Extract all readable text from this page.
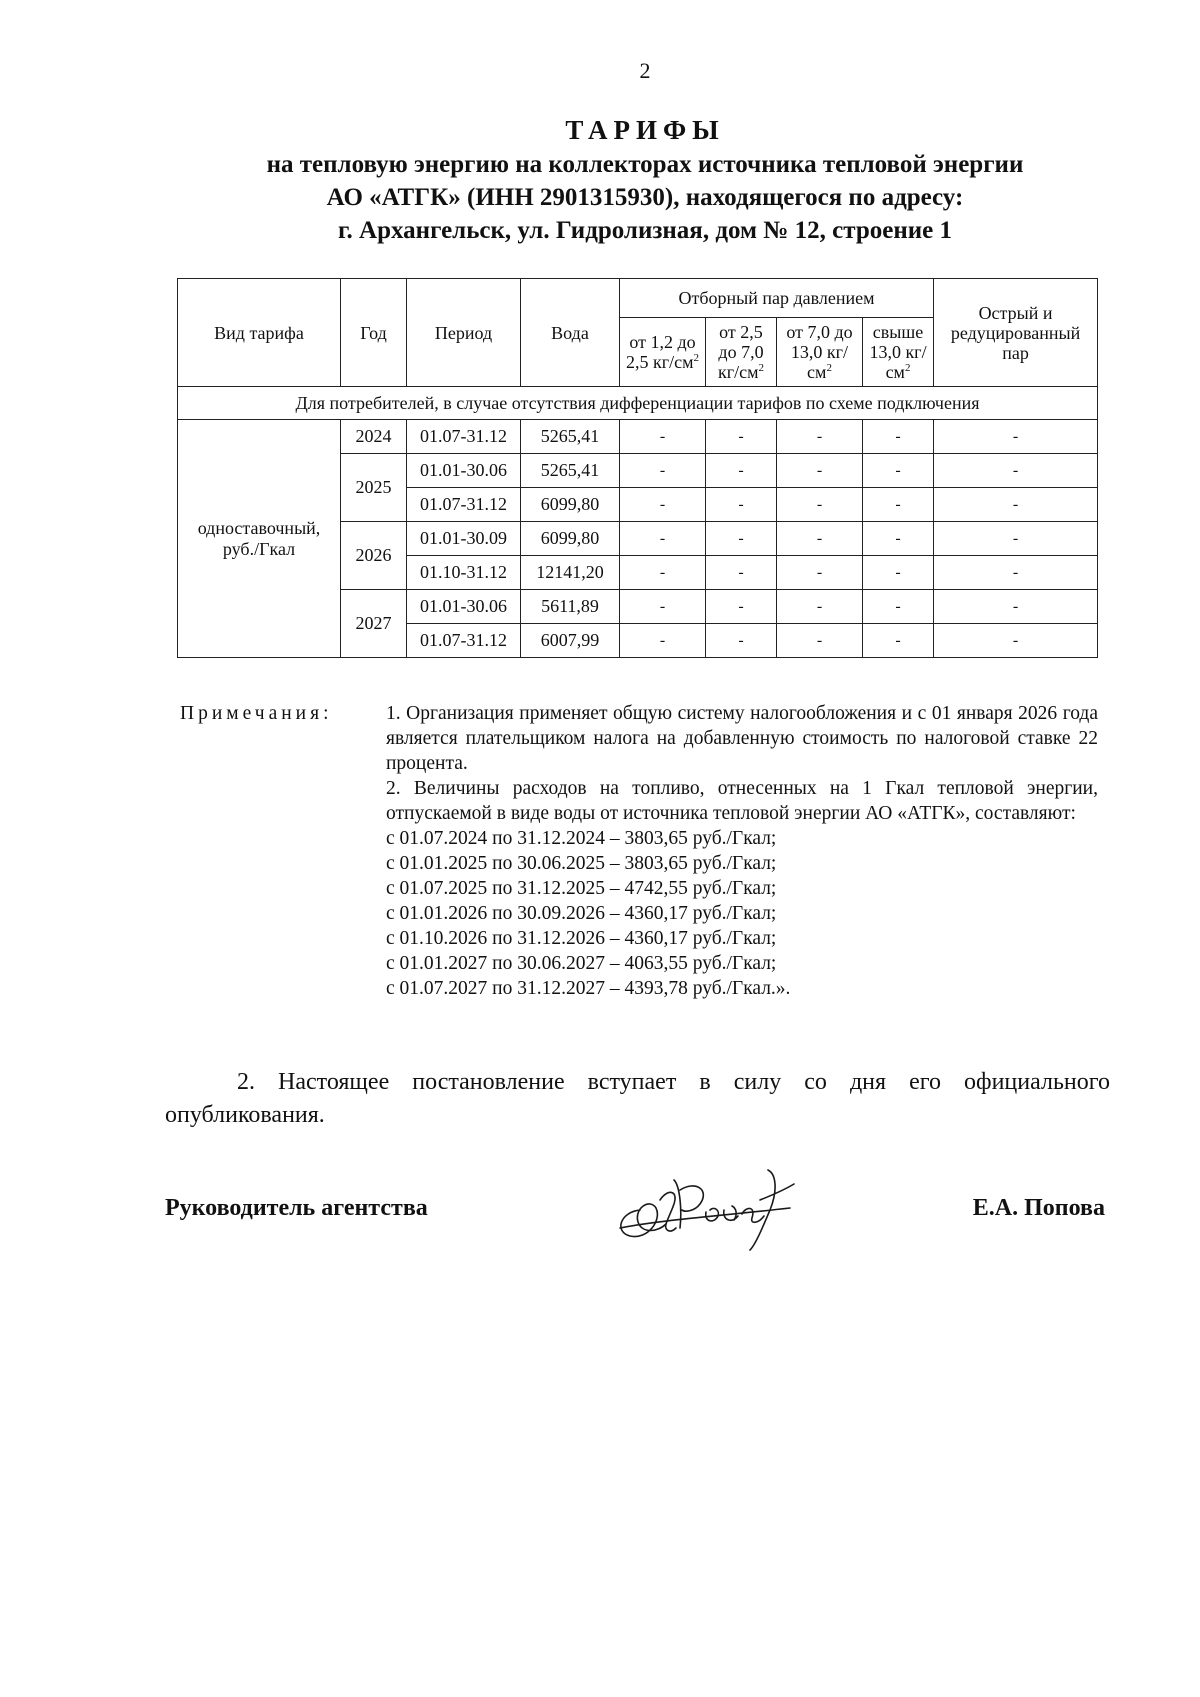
2
ТАРИФЫ
на тепловую энергию на коллекторах источника тепловой энергии
АО «АТГК» (ИНН 2901315930), находящегося по адресу:
г. Архангельск, ул. Гидролизная, дом № 12, строение 1
Вид тарифа	Год	Период	Вода	Отборный пар давлением				Острый и редуцированный пар
				от 1,2 до 2,5 $кг/см^2$	от 2,5 до 7,0 $кг/см^2$	от 7,0 до 13,0 $кг/см^2$	свыше 13,0 $кг/см^2$
Для потребителей, в случае отсутствия дифференциации тарифов по схеме подключения								
одноставочный, руб./Гкал	2024	01.07-31.12	5265,41	-	-	-	-	-
	2025	01.01-30.06	5265,41	-	-	-	-	-
		01.07-31.12	6099,80	-	-	-	-	-
	2026	01.01-30.09	6099,80	-	-	-	-	-
		01.10-31.12	12141,20	-	-	-	-	-
	2027	01.01-30.06	5611,89	-	-	-	-	-
		01.07-31.12	6007,99	-	-	-	-	-
Примечания:	1. Организация применяет общую систему налогообложения и с 01 января 2026 года является плательщиком налога на добавленную стоимость по налоговой ставке 22 процента.

2. Величины расходов на топливо, отнесенных на 1 Гкал тепловой энергии, отпускаемой в виде воды от источника тепловой энергии АО «АТГК», составляют:

с 01.07.2024 по 31.12.2024 – 3803,65 руб./Гкал;

с 01.01.2025 по 30.06.2025 – 3803,65 руб./Гкал;

с 01.07.2025 по 31.12.2025 – 4742,55 руб./Гкал;

с 01.01.2026 по 30.09.2026 – 4360,17 руб./Гкал;

с 01.10.2026 по 31.12.2026 – 4360,17 руб./Гкал;

с 01.01.2027 по 30.06.2027 – 4063,55 руб./Гкал;

с 01.07.2027 по 31.12.2027 – 4393,78 руб./Гкал.».

2. Настоящее постановление вступает в силу со дня его официального опубликования.

Руководитель агентства	Е.А. Попова
